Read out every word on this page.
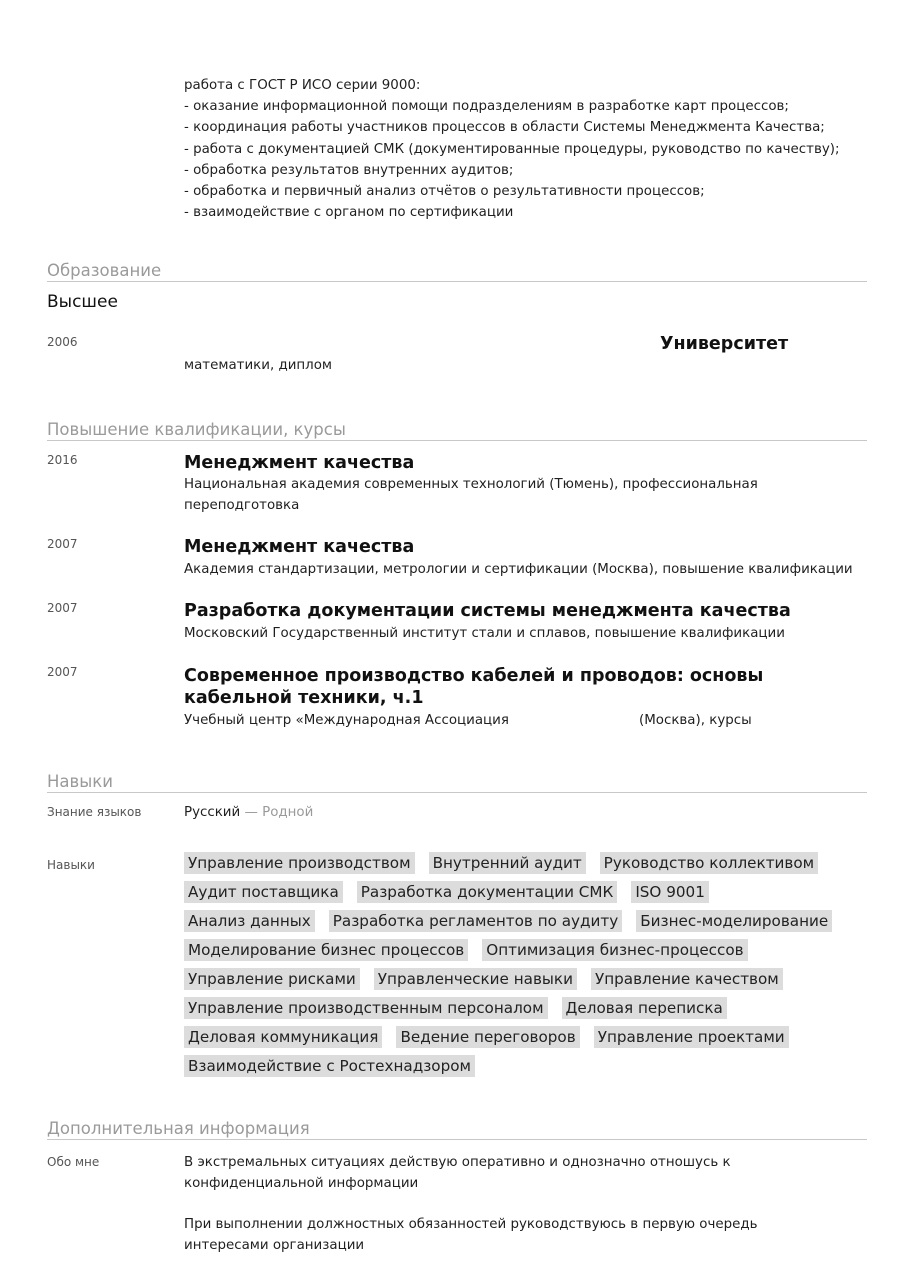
работа с ГОСТ Р ИСО серии 9000:
- оказание информационной помощи подразделениям в разработке карт процессов;
- координация работы участников процессов в области Системы Менеджмента Качества;
- работа с документацией СМК (документированные процедуры, руководство по качеству);
- обработка результатов внутренних аудитов;
- обработка и первичный анализ отчётов о результативности процессов;
- взаимодействие с органом по сертификации
Образование
Высшее
2006	Университет
математики, диплом
Повышение квалификации, курсы
2016	Менеджмент качества
Национальная академия современных технологий (Тюмень), профессиональная
переподготовка
2007	Менеджмент качества
Академия стандартизации, метрологии и сертификации (Москва), повышение квалификации
2007	Разработка документации системы менеджмента качества
Московский Государственный институт стали и сплавов, повышение квалификации
2007	Современное производство кабелей и проводов: основы
кабельной техники, ч.1
Учебный центр «Международная Ассоциация	(Москва), курсы
Навыки
Знание языков	Русский — Родной
Навыки	Управление производством Внутренний аудит Руководство коллективом
Аудит поставщика Разработка документации СМК ISO 9001
Анализ данных Разработка регламентов по аудиту Бизнес-моделирование
Моделирование бизнес процессов Оптимизация бизнес-процессов
Управление рисками Управленческие навыки Управление качеством
Управление производственным персоналом Деловая переписка
Деловая коммуникация Ведение переговоров Управление проектами
Взаимодействие с Ростехнадзором
Дополнительная информация
Обо мне	В экстремальных ситуациях действую оперативно и однозначно отношусь к
конфиденциальной информации
При выполнении должностных обязанностей руководствуюсь в первую очередь
интересами организации
